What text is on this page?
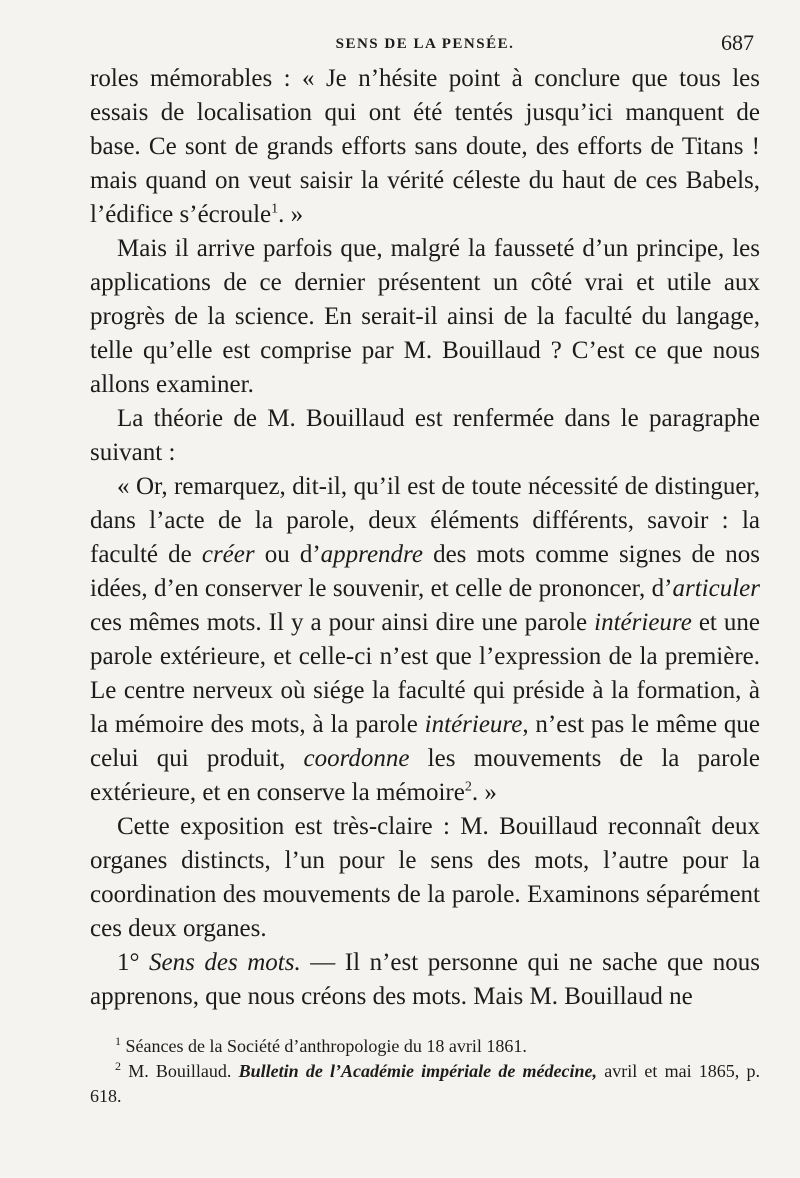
SENS DE LA PENSÉE.	687

roles mémorables : « Je n’hésite point à conclure que tous les essais de localisation qui ont été tentés jusqu’ici manquent de base. Ce sont de grands efforts sans doute, des efforts de Titans ! mais quand on veut saisir la vérité céleste du haut de ces Babels, l’édifice s’écroule$^1$. »

Mais il arrive parfois que, malgré la fausseté d’un principe, les applications de ce dernier présentent un côté vrai et utile aux progrès de la science. En serait-il ainsi de la faculté du langage, telle qu’elle est comprise par M. Bouillaud ? C’est ce que nous allons examiner.

La théorie de M. Bouillaud est renfermée dans le paragraphe suivant :

« Or, remarquez, dit-il, qu’il est de toute nécessité de distinguer, dans l’acte de la parole, deux éléments différents, savoir : la faculté de créer ou d’apprendre des mots comme signes de nos idées, d’en conserver le souvenir, et celle de prononcer, d’articuler ces mêmes mots. Il y a pour ainsi dire une parole intérieure et une parole extérieure, et celle-ci n’est que l’expression de la première. Le centre nerveux où siége la faculté qui préside à la formation, à la mémoire des mots, à la parole intérieure, n’est pas le même que celui qui produit, coordonne les mouvements de la parole extérieure, et en conserve la mémoire$^2$. »

Cette exposition est très-claire : M. Bouillaud reconnaît deux organes distincts, l’un pour le sens des mots, l’autre pour la coordination des mouvements de la parole. Examinons séparément ces deux organes.

1° Sens des mots. — Il n’est personne qui ne sache que nous apprenons, que nous créons des mots. Mais M. Bouillaud ne

$^1$ Séances de la Société d’anthropologie du 18 avril 1861.

$^2$ M. Bouillaud. Bulletin de l’Académie impériale de médecine, avril et mai 1865, p. 618.
